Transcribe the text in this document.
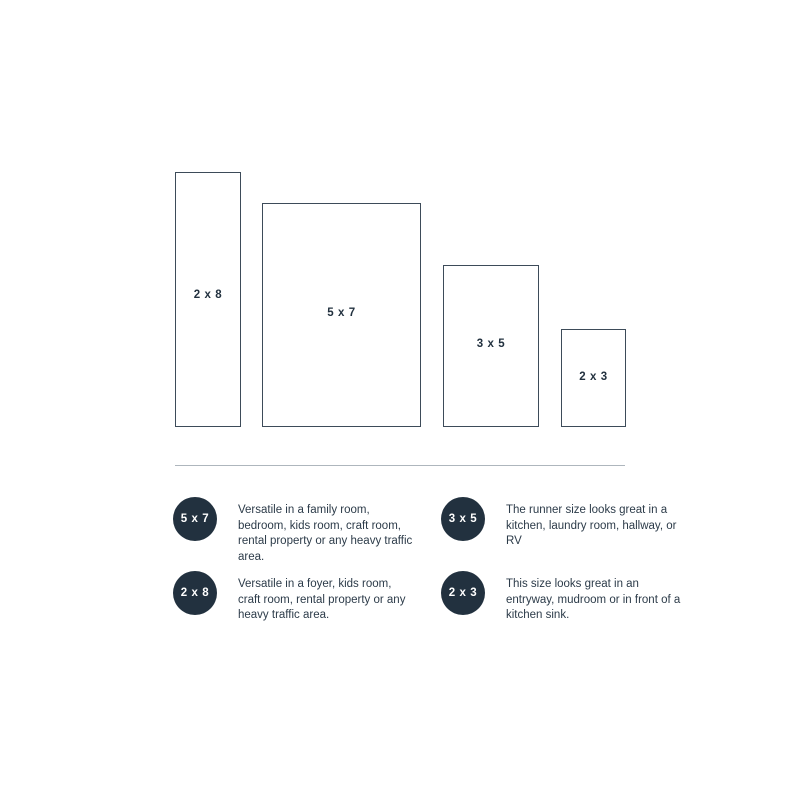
2 x 8
5 x 7
3 x 5
2 x 3
5 x 7
Versatile in a family room, bedroom, kids room, craft room, rental property or any heavy traffic area.
3 x 5
The runner size looks great in a kitchen, laundry room, hallway, or RV
2 x 8
Versatile in a foyer, kids room, craft room, rental property or any heavy traffic area.
2 x 3
This size looks great in an entryway, mudroom or in front of a kitchen sink.
